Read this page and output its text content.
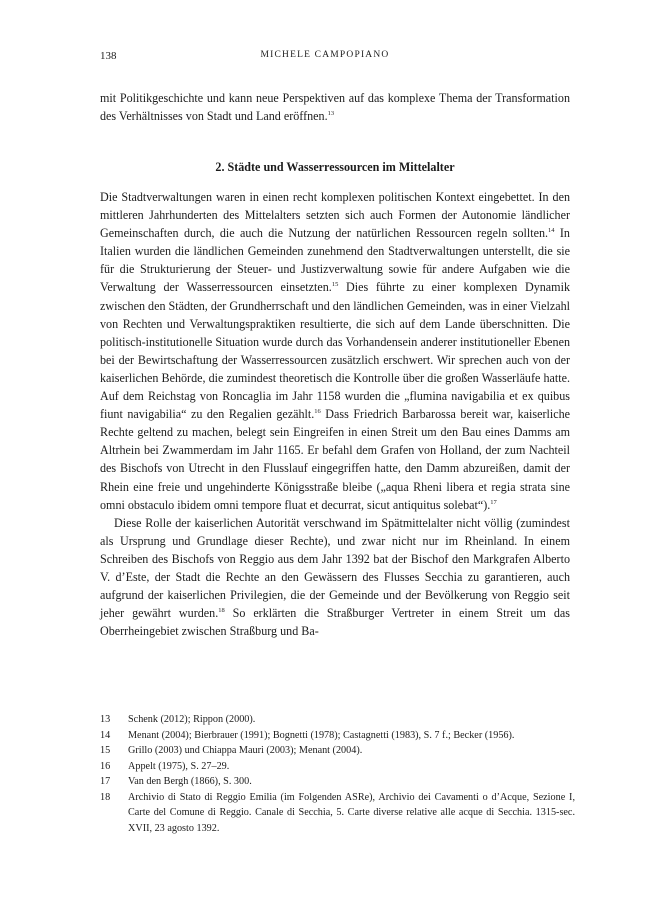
138	MICHELE CAMPOPIANO

mit Politikgeschichte und kann neue Perspektiven auf das komplexe Thema der Transformation des Verhältnisses von Stadt und Land eröffnen.$^{13}$

2. Städte und Wasserressourcen im Mittelalter

Die Stadtverwaltungen waren in einen recht komplexen politischen Kontext eingebettet. In den mittleren Jahrhunderten des Mittelalters setzten sich auch Formen der Autonomie ländlicher Gemeinschaften durch, die auch die Nutzung der natürlichen Ressourcen regeln sollten.$^{14}$ In Italien wurden die ländlichen Gemeinden zunehmend den Stadtverwaltungen unterstellt, die sie für die Strukturierung der Steuer- und Justizverwaltung sowie für andere Aufgaben wie die Verwaltung der Wasserressourcen einsetzten.$^{15}$ Dies führte zu einer komplexen Dynamik zwischen den Städten, der Grundherrschaft und den ländlichen Gemeinden, was in einer Vielzahl von Rechten und Verwaltungspraktiken resultierte, die sich auf dem Lande überschnitten. Die politisch-institutionelle Situation wurde durch das Vorhandensein anderer institutioneller Ebenen bei der Bewirtschaftung der Wasserressourcen zusätzlich erschwert. Wir sprechen auch von der kaiserlichen Behörde, die zumindest theoretisch die Kontrolle über die großen Wasserläufe hatte. Auf dem Reichstag von Roncaglia im Jahr 1158 wurden die „flumina navigabilia et ex quibus fiunt navigabilia“ zu den Regalien gezählt.$^{16}$ Dass Friedrich Barbarossa bereit war, kaiserliche Rechte geltend zu machen, belegt sein Eingreifen in einen Streit um den Bau eines Damms am Altrhein bei Zwammerdam im Jahr 1165. Er befahl dem Grafen von Holland, der zum Nachteil des Bischofs von Utrecht in den Flusslauf eingegriffen hatte, den Damm abzureißen, damit der Rhein eine freie und ungehinderte Königsstraße bleibe („aqua Rheni libera et regia strata sine omni obstaculo ibidem omni tempore fluat et decurrat, sicut antiquitus solebat“).$^{17}$

Diese Rolle der kaiserlichen Autorität verschwand im Spätmittelalter nicht völlig (zumindest als Ursprung und Grundlage dieser Rechte), und zwar nicht nur im Rheinland. In einem Schreiben des Bischofs von Reggio aus dem Jahr 1392 bat der Bischof den Markgrafen Alberto V. d’Este, der Stadt die Rechte an den Gewässern des Flusses Secchia zu garantieren, auch aufgrund der kaiserlichen Privilegien, die der Gemeinde und der Bevölkerung von Reggio seit jeher gewährt wurden.$^{18}$ So erklärten die Straßburger Vertreter in einem Streit um das Oberrheingebiet zwischen Straßburg und Ba-

13	Schenk (2012); Rippon (2000).
14	Menant (2004); Bierbrauer (1991); Bognetti (1978); Castagnetti (1983), S. 7 f.; Becker (1956).
15	Grillo (2003) und Chiappa Mauri (2003); Menant (2004).
16	Appelt (1975), S. 27–29.
17	Van den Bergh (1866), S. 300.
18	Archivio di Stato di Reggio Emilia (im Folgenden ASRe), Archivio dei Cavamenti o d’Acque, Sezione I, Carte del Comune di Reggio. Canale di Secchia, 5. Carte diverse relative alle acque di Secchia. 1315-sec. XVII, 23 agosto 1392.
